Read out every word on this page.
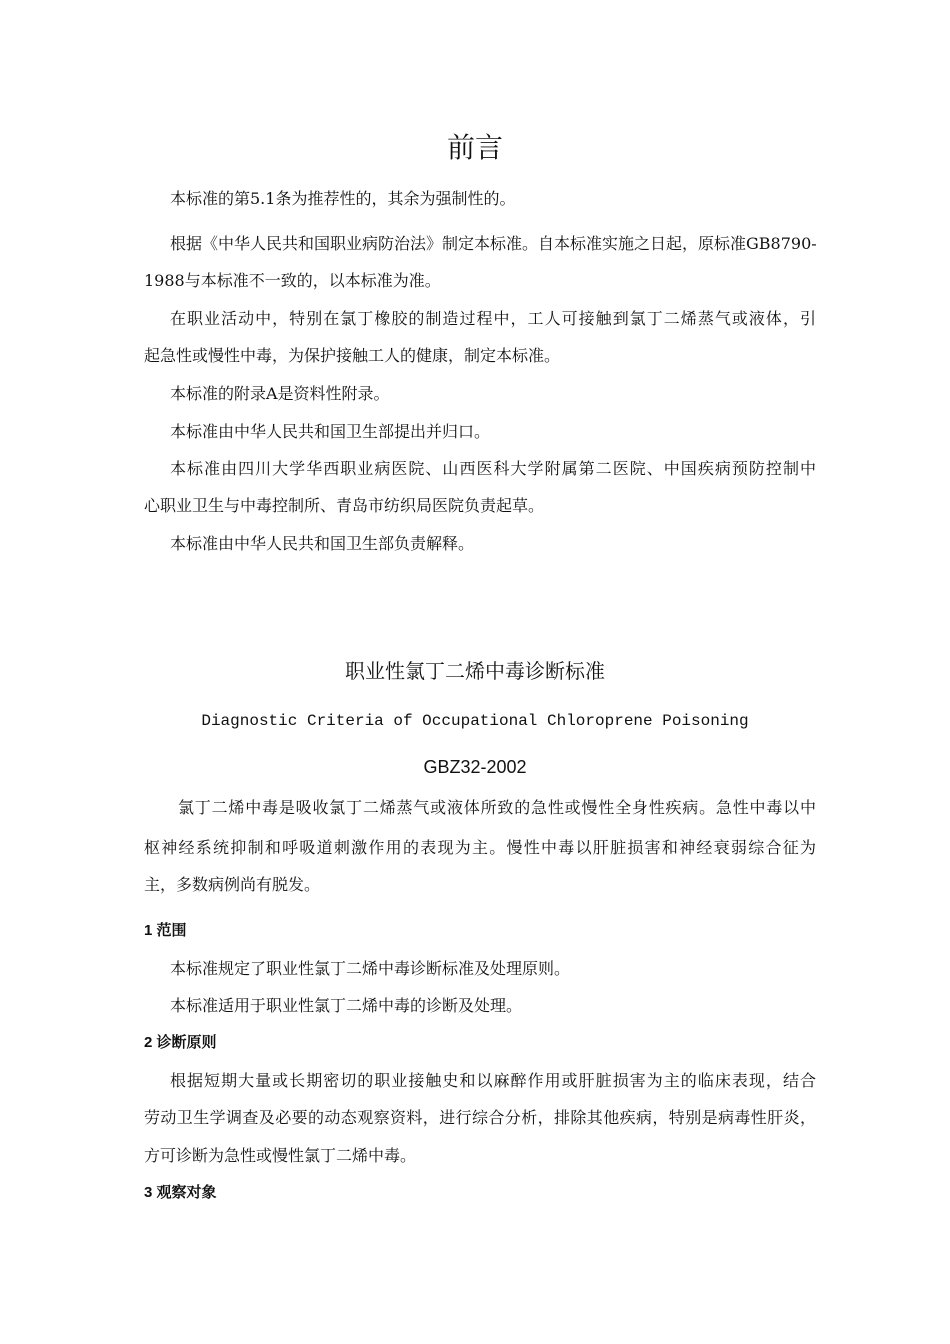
前言
本标准的第5.1条为推荐性的，其余为强制性的。
根据《中华人民共和国职业病防治法》制定本标准。自本标准实施之日起，原标准GB8790-
1988与本标准不一致的，以本标准为准。
在职业活动中，特别在氯丁橡胶的制造过程中，工人可接触到氯丁二烯蒸气或液体，引
起急性或慢性中毒，为保护接触工人的健康，制定本标准。
本标准的附录A是资料性附录。
本标准由中华人民共和国卫生部提出并归口。
本标准由四川大学华西职业病医院、山西医科大学附属第二医院、中国疾病预防控制中
心职业卫生与中毒控制所、青岛市纺织局医院负责起草。
本标准由中华人民共和国卫生部负责解释。
职业性氯丁二烯中毒诊断标准
Diagnostic Criteria of Occupational Chloroprene Poisoning
GBZ32-2002
氯丁二烯中毒是吸收氯丁二烯蒸气或液体所致的急性或慢性全身性疾病。急性中毒以中
枢神经系统抑制和呼吸道刺激作用的表现为主。慢性中毒以肝脏损害和神经衰弱综合征为
主，多数病例尚有脱发。
1 范围
本标准规定了职业性氯丁二烯中毒诊断标准及处理原则。
本标准适用于职业性氯丁二烯中毒的诊断及处理。
2 诊断原则
根据短期大量或长期密切的职业接触史和以麻醉作用或肝脏损害为主的临床表现，结合
劳动卫生学调查及必要的动态观察资料，进行综合分析，排除其他疾病，特别是病毒性肝炎，
方可诊断为急性或慢性氯丁二烯中毒。
3 观察对象
